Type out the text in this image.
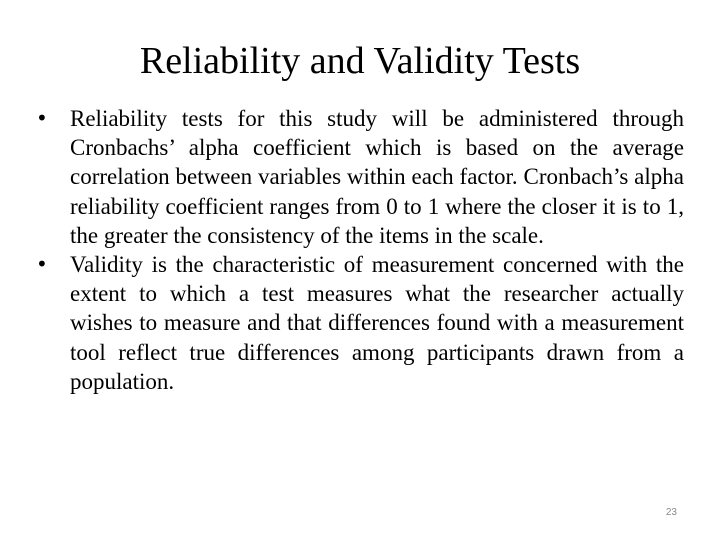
Reliability and Validity Tests
• Reliability tests for this study will be administered through Cronbachs’ alpha coefficient which is based on the average correlation between variables within each factor. Cronbach’s alpha reliability coefficient ranges from 0 to 1 where the closer it is to 1, the greater the consistency of the items in the scale.
• Validity is the characteristic of measurement concerned with the extent to which a test measures what the researcher actually wishes to measure and that differences found with a measurement tool reflect true differences among participants drawn from a population.
23
